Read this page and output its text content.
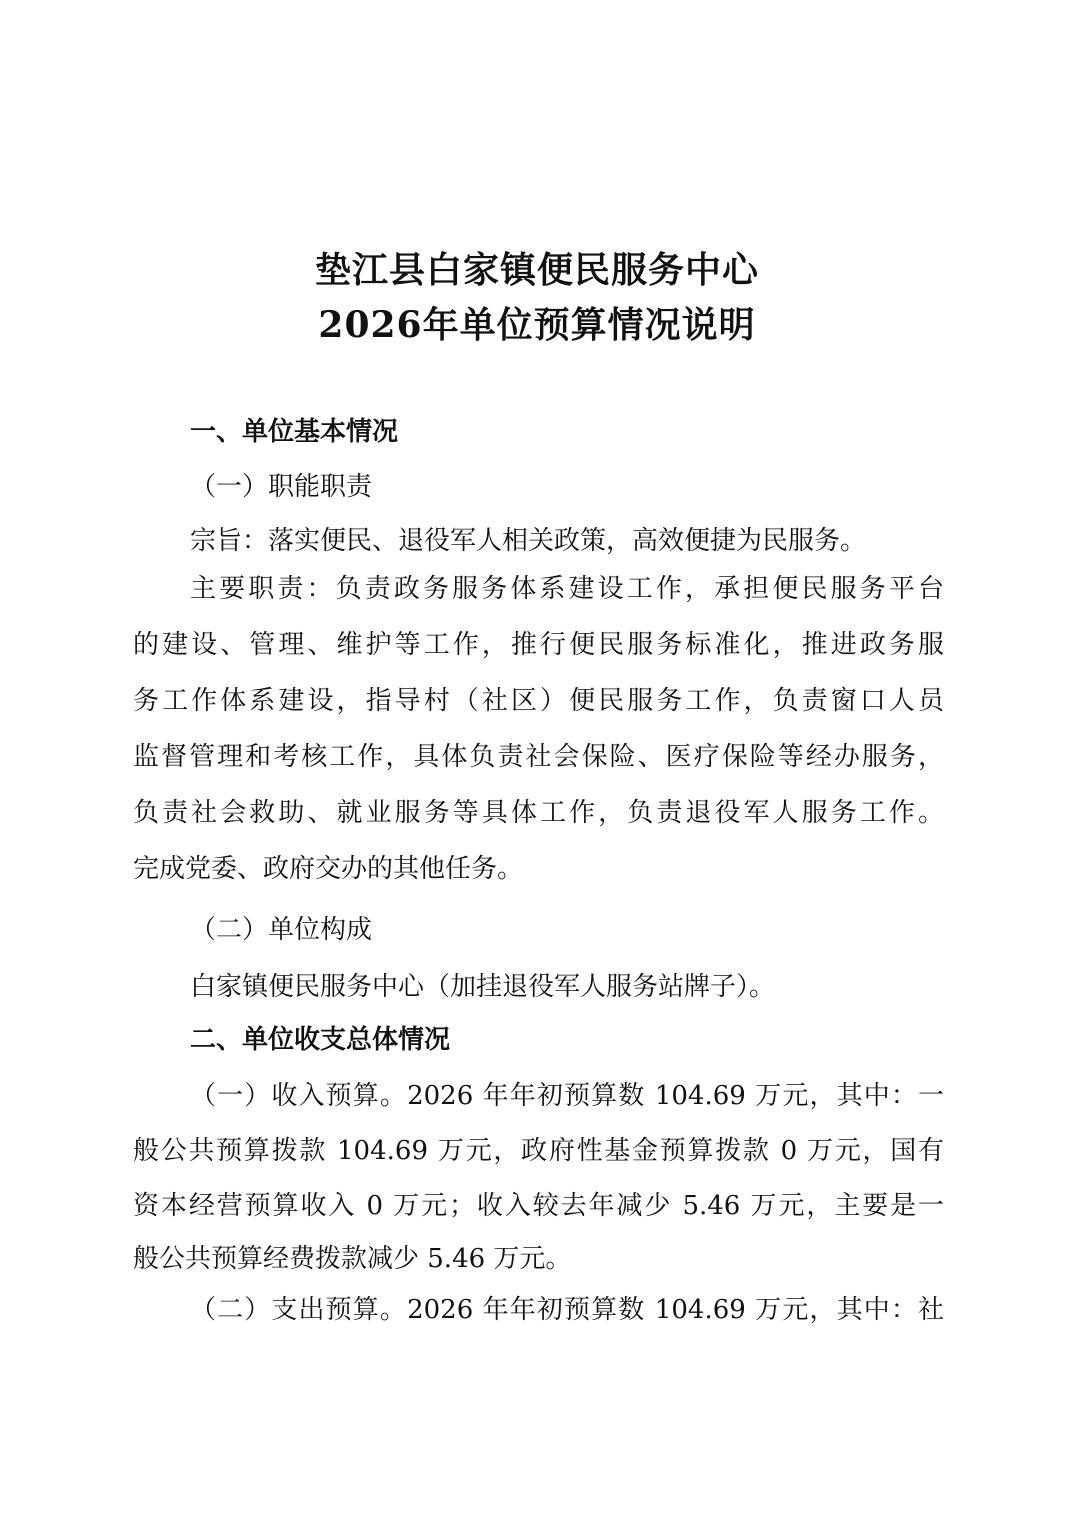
垫江县白家镇便民服务中心
2026年单位预算情况说明
一、单位基本情况
（一）职能职责
宗旨：落实便民、退役军人相关政策，高效便捷为民服务。
主要职责：负责政务服务体系建设工作，承担便民服务平台
的建设、管理、维护等工作，推行便民服务标准化，推进政务服
务工作体系建设，指导村（社区）便民服务工作，负责窗口人员
监督管理和考核工作，具体负责社会保险、医疗保险等经办服务，
负责社会救助、就业服务等具体工作，负责退役军人服务工作。
完成党委、政府交办的其他任务。
（二）单位构成
白家镇便民服务中心（加挂退役军人服务站牌子）。
二、单位收支总体情况
（一）收入预算。2026 年年初预算数 104.69 万元，其中：一
般公共预算拨款 104.69 万元，政府性基金预算拨款 0 万元，国有
资本经营预算收入 0 万元；收入较去年减少 5.46 万元，主要是一
般公共预算经费拨款减少 5.46 万元。
（二）支出预算。2026 年年初预算数 104.69 万元，其中：社
